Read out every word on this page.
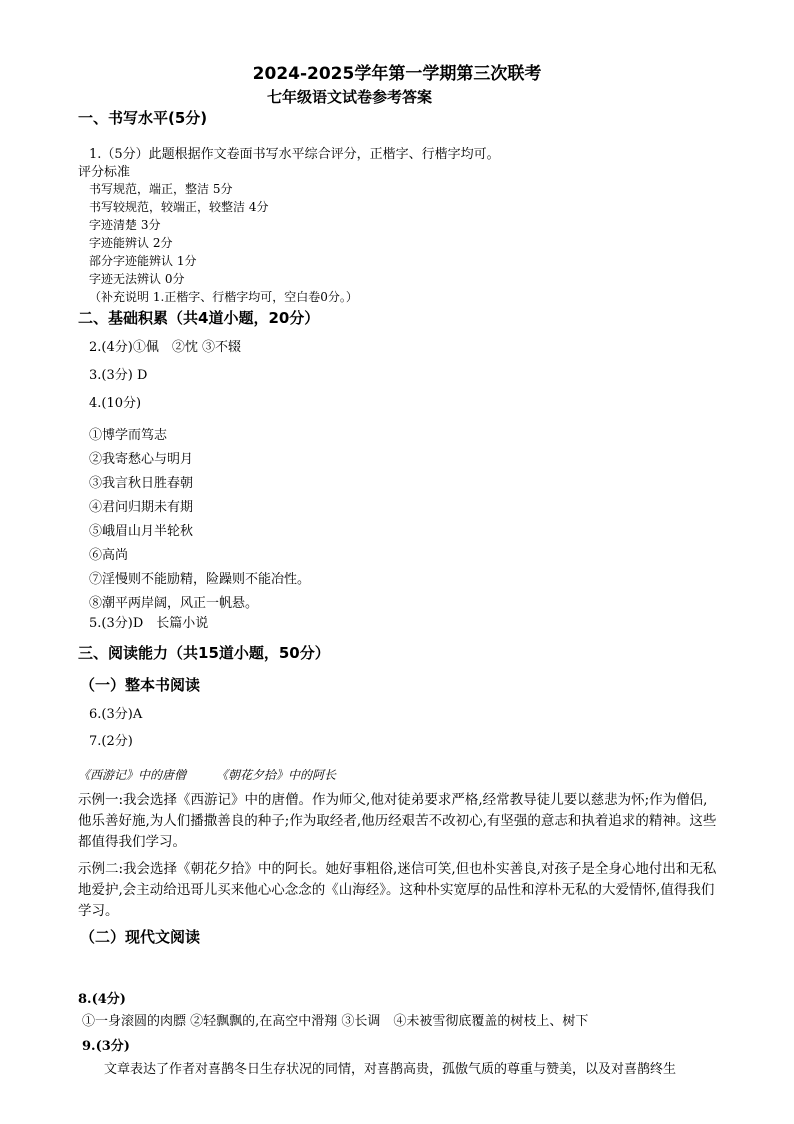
2024-2025学年第一学期第三次联考
七年级语文试卷参考答案
一、书写水平(5分)
1.（5分）此题根据作文卷面书写水平综合评分，正楷字、行楷字均可。
评分标准
书写规范，端正，整洁 5分
书写较规范，较端正，较整洁 4分
字迹清楚 3分
字迹能辨认 2分
部分字迹能辨认 1分
字迹无法辨认 0分
（补充说明 1.正楷字、行楷字均可，空白卷0分。）
二、基础积累（共4道小题，20分）
2.(4分)①佩　②忱 ③不辍
3.(3分) D
4.(10分)
①博学而笃志
②我寄愁心与明月
③我言秋日胜春朝
④君问归期未有期
⑤峨眉山月半轮秋
⑥高尚
⑦淫慢则不能励精，险躁则不能冶性。
⑧潮平两岸阔，风正一帆悬。
5.(3分)D　长篇小说
三、阅读能力（共15道小题，50分）
（一）整本书阅读
6.(3分)A
7.(2分)
《西游记》中的唐僧　　　《朝花夕拾》中的阿长
示例一:我会选择《西游记》中的唐僧。作为师父,他对徒弟要求严格,经常教导徒儿要以慈悲为怀;作为僧侣,他乐善好施,为人们播撒善良的种子;作为取经者,他历经艰苦不改初心,有坚强的意志和执着追求的精神。这些都值得我们学习。
示例二:我会选择《朝花夕拾》中的阿长。她好事粗俗,迷信可笑,但也朴实善良,对孩子是全身心地付出和无私地爱护,会主动给迅哥儿买来他心心念念的《山海经》。这种朴实宽厚的品性和淳朴无私的大爱情怀,值得我们学习。
（二）现代文阅读
8.(4分)
①一身滚圆的肉膘 ②轻飘飘的,在高空中滑翔 ③长调　④未被雪彻底覆盖的树枝上、树下
9.(3分)
文章表达了作者对喜鹊冬日生存状况的同情，对喜鹊高贵，孤傲气质的尊重与赞美，以及对喜鹊终生
